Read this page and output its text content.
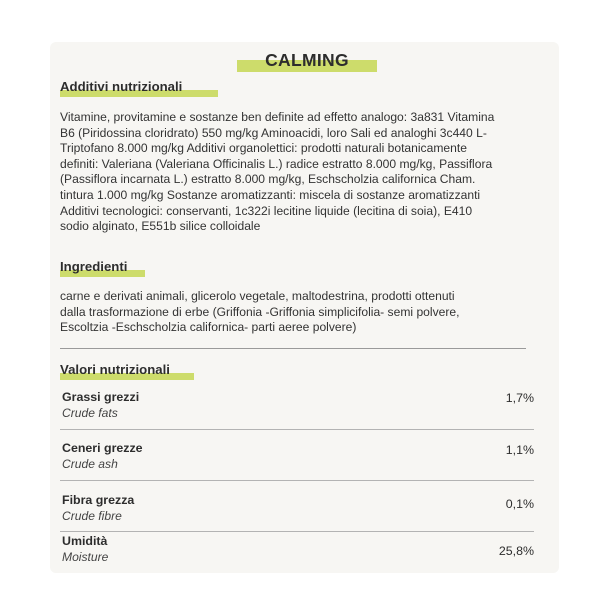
CALMING
Additivi nutrizionali
Vitamine, provitamine e sostanze ben definite ad effetto analogo: 3a831 Vitamina
B6 (Piridossina cloridrato) 550 mg/kg Aminoacidi, loro Sali ed analoghi 3c440 L-
Triptofano 8.000 mg/kg Additivi organolettici: prodotti naturali botanicamente
definiti: Valeriana (Valeriana Officinalis L.) radice estratto 8.000 mg/kg, Passiflora
(Passiflora incarnata L.) estratto 8.000 mg/kg, Eschscholzia californica Cham.
tintura 1.000 mg/kg Sostanze aromatizzanti: miscela di sostanze aromatizzanti
Additivi tecnologici: conservanti, 1c322i lecitine liquide (lecitina di soia), E410
sodio alginato, E551b silice colloidale
Ingredienti
carne e derivati animali, glicerolo vegetale, maltodestrina, prodotti ottenuti
dalla trasformazione di erbe (Griffonia -Griffonia simplicifolia- semi polvere,
Escoltzia -Eschscholzia californica- parti aeree polvere)
Valori nutrizionali
Grassi grezzi
Crude fats
1,7%
Ceneri grezze
Crude ash
1,1%
Fibra grezza
Crude fibre
0,1%
Umidità
Moisture	25,8%
